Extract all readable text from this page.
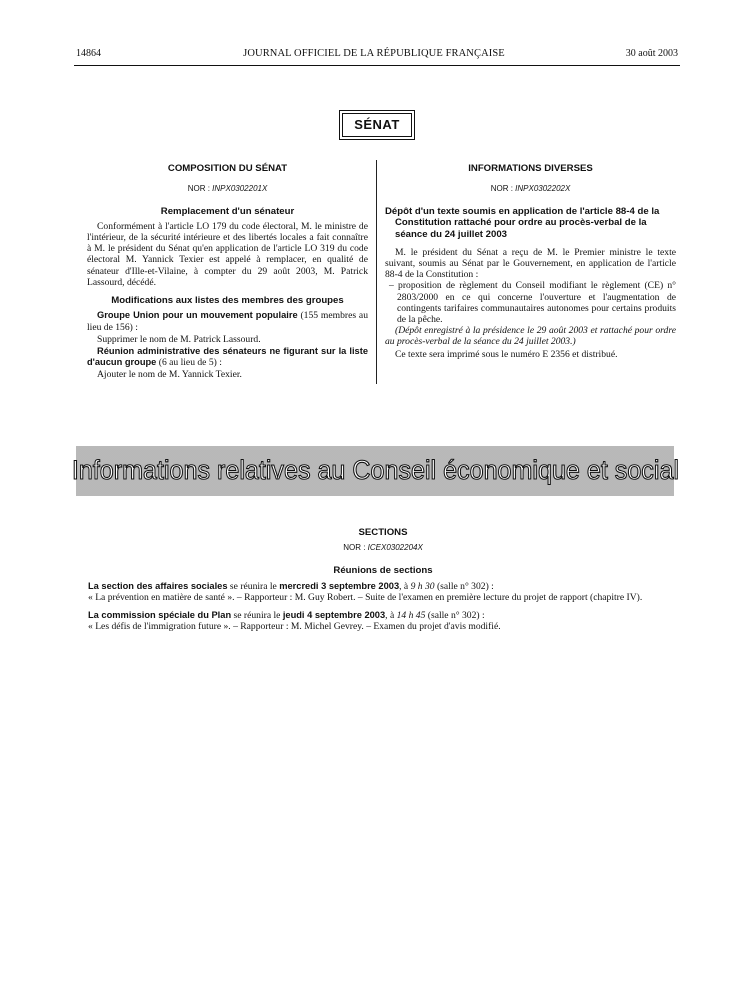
14864	JOURNAL OFFICIEL DE LA RÉPUBLIQUE FRANÇAISE	30 août 2003
SÉNAT

COMPOSITION DU SÉNAT

NOR : INPX0302201X

Remplacement d'un sénateur

Conformément à l'article LO 179 du code électoral, M. le ministre de l'intérieur, de la sécurité intérieure et des libertés locales a fait connaître à M. le président du Sénat qu'en application de l'article LO 319 du code électoral M. Yannick Texier est appelé à remplacer, en qualité de sénateur d'Ille-et-Vilaine, à compter du 29 août 2003, M. Patrick Lassourd, décédé.

Modifications aux listes des membres des groupes

Groupe Union pour un mouvement populaire (155 membres au lieu de 156) :

Supprimer le nom de M. Patrick Lassourd.

Réunion administrative des sénateurs ne figurant sur la liste d'aucun groupe (6 au lieu de 5) :

Ajouter le nom de M. Yannick Texier.

INFORMATIONS DIVERSES

NOR : INPX0302202X

Dépôt d'un texte soumis en application de l'article 88-4 de la Constitution rattaché pour ordre au procès-verbal de la séance du 24 juillet 2003

M. le président du Sénat a reçu de M. le Premier ministre le texte suivant, soumis au Sénat par le Gouvernement, en application de l'article 88-4 de la Constitution :

– proposition de règlement du Conseil modifiant le règlement (CE) n° 2803/2000 en ce qui concerne l'ouverture et l'augmentation de contingents tarifaires communautaires autonomes pour certains produits de la pêche.

(Dépôt enregistré à la présidence le 29 août 2003 et rattaché pour ordre au procès-verbal de la séance du 24 juillet 2003.)

Ce texte sera imprimé sous le numéro E 2356 et distribué.

Informations relatives au Conseil économique et social

SECTIONS

NOR : ICEX0302204X

Réunions de sections

La section des affaires sociales se réunira le mercredi 3 septembre 2003, à 9 h 30 (salle n° 302) :

« La prévention en matière de santé ». – Rapporteur : M. Guy Robert. – Suite de l'examen en première lecture du projet de rapport (chapitre IV).

La commission spéciale du Plan se réunira le jeudi 4 septembre 2003, à 14 h 45 (salle n° 302) :

« Les défis de l'immigration future ». – Rapporteur : M. Michel Gevrey. – Examen du projet d'avis modifié.
